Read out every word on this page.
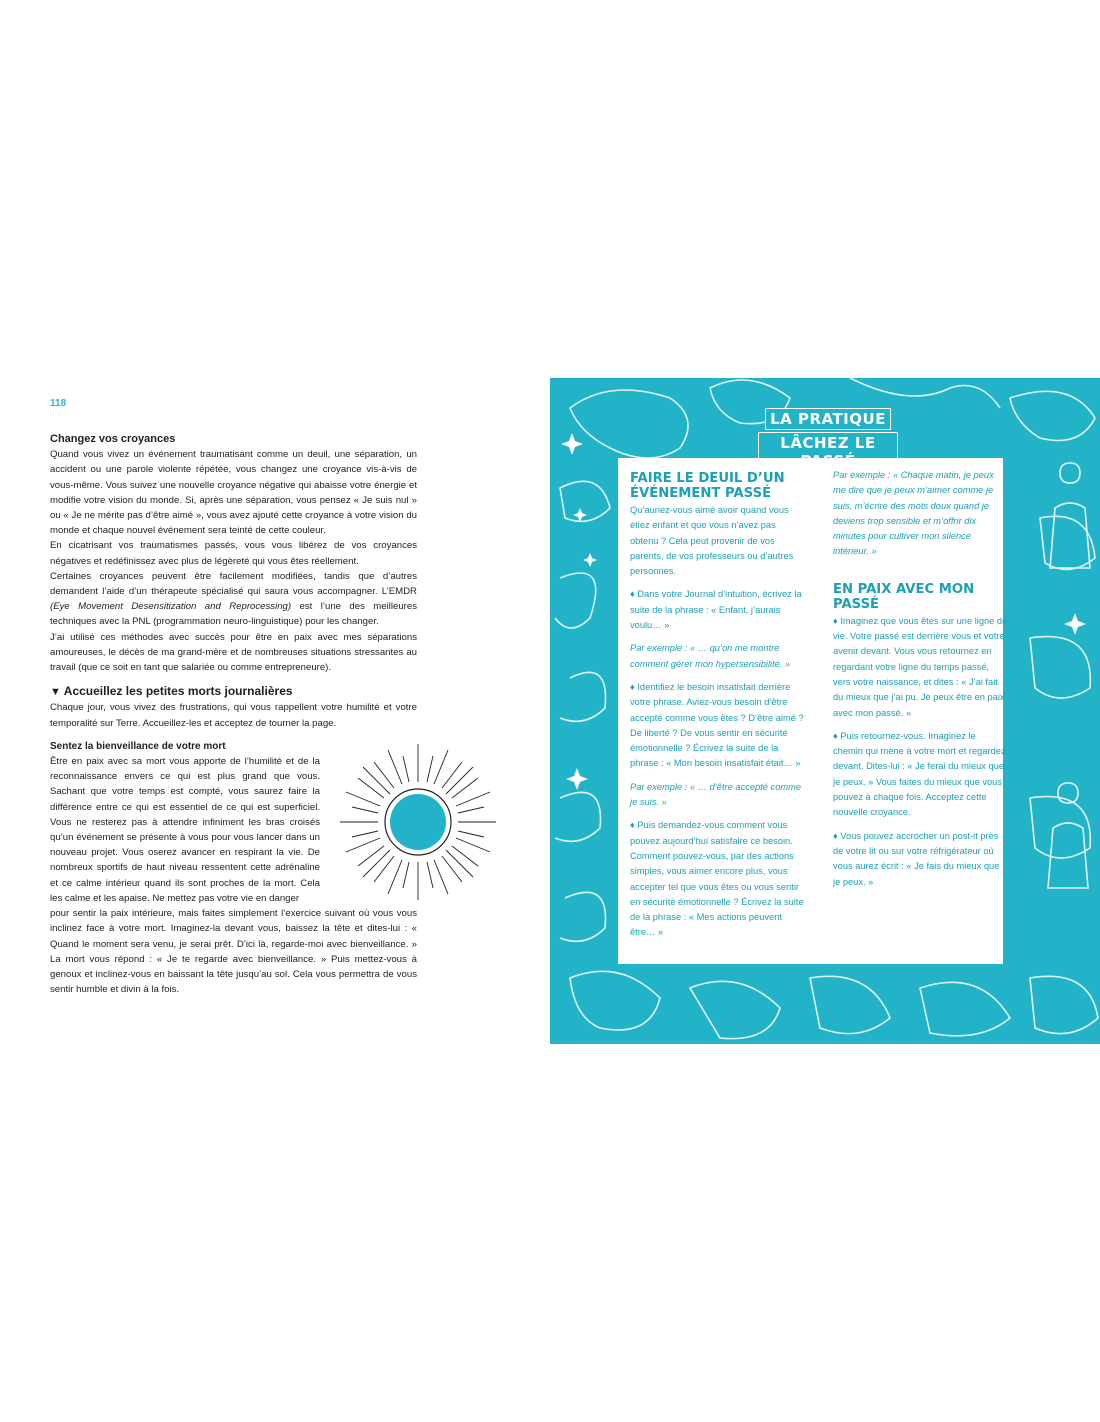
118

Changez vos croyances

Quand vous vivez un événement traumatisant comme un deuil, une séparation, un accident ou une parole violente répétée, vous changez une croyance vis-à-vis de vous-même. Vous suivez une nouvelle croyance négative qui abaisse votre énergie et modifie votre vision du monde. Si, après une séparation, vous pensez « Je suis nul » ou « Je ne mérite pas d’être aimé », vous avez ajouté cette croyance à votre vision du monde et chaque nouvel événement sera teinté de cette couleur.

En cicatrisant vos traumatismes passés, vous vous libérez de vos croyances négatives et redéfinissez avec plus de légèreté qui vous êtes réellement.

Certaines croyances peuvent être facilement modifiées, tandis que d’autres demandent l’aide d’un thérapeute spécialisé qui saura vous accompagner. L’EMDR (Eye Movement Desensitization and Reprocessing) est l’une des meilleures techniques avec la PNL (programmation neuro-linguistique) pour les changer.

J’ai utilisé ces méthodes avec succès pour être en paix avec mes séparations amoureuses, le décès de ma grand-mère et de nombreuses situations stressantes au travail (que ce soit en tant que salariée ou comme entrepreneure).

▼ Accueillez les petites morts journalières

Chaque jour, vous vivez des frustrations, qui vous rappellent votre humilité et votre temporalité sur Terre. Accueillez-les et acceptez de tourner la page.

Sentez la bienveillance de votre mort

Être en paix avec sa mort vous apporte de l’humilité et de la reconnaissance envers ce qui est plus grand que vous. Sachant que votre temps est compté, vous saurez faire la différence entre ce qui est essentiel de ce qui est superficiel. Vous ne resterez pas à attendre infiniment les bras croisés qu’un événement se présente à vous pour vous lancer dans un nouveau projet. Vous oserez avancer en respirant la vie. De nombreux sportifs de haut niveau ressentent cette adrénaline et ce calme intérieur quand ils sont proches de la mort. Cela les calme et les apaise. Ne mettez pas votre vie en danger

pour sentir la paix intérieure, mais faites simplement l’exercice suivant où vous vous inclinez face à votre mort. Imaginez-la devant vous, baissez la tête et dites-lui : « Quand le moment sera venu, je serai prêt. D’ici là, regarde-moi avec bienveillance. » La mort vous répond : « Je te regarde avec bienveillance. » Puis mettez-vous à genoux et inclinez-vous en baissant la tête jusqu’au sol. Cela vous permettra de vous sentir humble et divin à la fois.

LA PRATIQUE
LÂCHEZ LE

FAIRE LE DEUIL D’UN ÉVÉNEMENT PASSÉ

Qu’auriez-vous aimé avoir quand vous étiez enfant et que vous n’avez pas obtenu ? Cela peut provenir de vos parents, de vos professeurs ou d’autres personnes.

♦ Dans votre Journal d’intuition, écrivez la suite de la phrase : « Enfant, j’aurais voulu… »

Par exemple : « … qu’on me montre comment gérer mon hypersensibilité. »

♦ Identifiez le besoin insatisfait derrière votre phrase. Aviez-vous besoin d’être accepté comme vous êtes ? D’être aimé ? De liberté ? De vous sentir en sécurité émotionnelle ? Écrivez la suite de la phrase : « Mon besoin insatisfait était… »

Par exemple : « … d’être accepté comme je suis. »

♦ Puis demandez-vous comment vous pouvez aujourd’hui satisfaire ce besoin. Comment pouvez-vous, par des actions simples, vous aimer encore plus, vous accepter tel que vous êtes ou vous sentir en sécurité émotionnelle ? Écrivez la suite de la phrase : « Mes actions peuvent être… »

Par exemple : « Chaque matin, je peux me dire que je peux m’aimer comme je suis, m’écrire des mots doux quand je deviens trop sensible et m’offrir dix minutes pour cultiver mon silence intérieur. »

EN PAIX AVEC MON PASSÉ

♦ Imaginez que vous êtes sur une ligne de vie. Votre passé est derrière vous et votre avenir devant. Vous vous retournez en regardant votre ligne du temps passé, vers votre naissance, et dites : « J’ai fait du mieux que j’ai pu. Je peux être en paix avec mon passé. »

♦ Puis retournez-vous. Imaginez le chemin qui mène à votre mort et regardez devant. Dites-lui : « Je ferai du mieux que je peux. » Vous faites du mieux que vous pouvez à chaque fois. Acceptez cette nouvelle croyance.

♦ Vous pouvez accrocher un post-it près de votre lit ou sur votre réfrigérateur où vous aurez écrit : « Je fais du mieux que je peux. »
